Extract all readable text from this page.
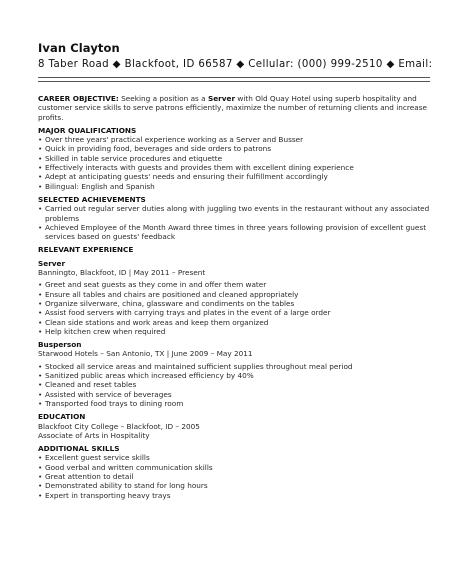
Ivan Clayton
8 Taber Road ◆ Blackfoot, ID 66587 ◆ Cellular: (000) 999-2510 ◆ Email:

CAREER OBJECTIVE: Seeking a position as a Server with Old Quay Hotel using superb hospitality and customer service skills to serve patrons efficiently, maximize the number of returning clients and increase profits.

MAJOR QUALIFICATIONS
• Over three years' practical experience working as a Server and Busser
• Quick in providing food, beverages and side orders to patrons
• Skilled in table service procedures and etiquette
• Effectively interacts with guests and provides them with excellent dining experience
• Adept at anticipating guests' needs and ensuring their fulfillment accordingly
• Bilingual: English and Spanish
SELECTED ACHIEVEMENTS
• Carried out regular server duties along with juggling two events in the restaurant without any associated problems
• Achieved Employee of the Month Award three times in three years following provision of excellent guest services based on guests' feedback
RELEVANT EXPERIENCE
Server
Banningto, Blackfoot, ID | May 2011 – Present
• Greet and seat guests as they come in and offer them water
• Ensure all tables and chairs are positioned and cleaned appropriately
• Organize silverware, china, glassware and condiments on the tables
• Assist food servers with carrying trays and plates in the event of a large order
• Clean side stations and work areas and keep them organized
• Help kitchen crew when required
Busperson
Starwood Hotels – San Antonio, TX | June 2009 – May 2011
• Stocked all service areas and maintained sufficient supplies throughout meal period
• Sanitized public areas which increased efficiency by 40%
• Cleaned and reset tables
• Assisted with service of beverages
• Transported food trays to dining room
EDUCATION
Blackfoot City College – Blackfoot, ID – 2005
Associate of Arts in Hospitality
ADDITIONAL SKILLS
• Excellent guest service skills
• Good verbal and written communication skills
• Great attention to detail
• Demonstrated ability to stand for long hours
• Expert in transporting heavy trays
